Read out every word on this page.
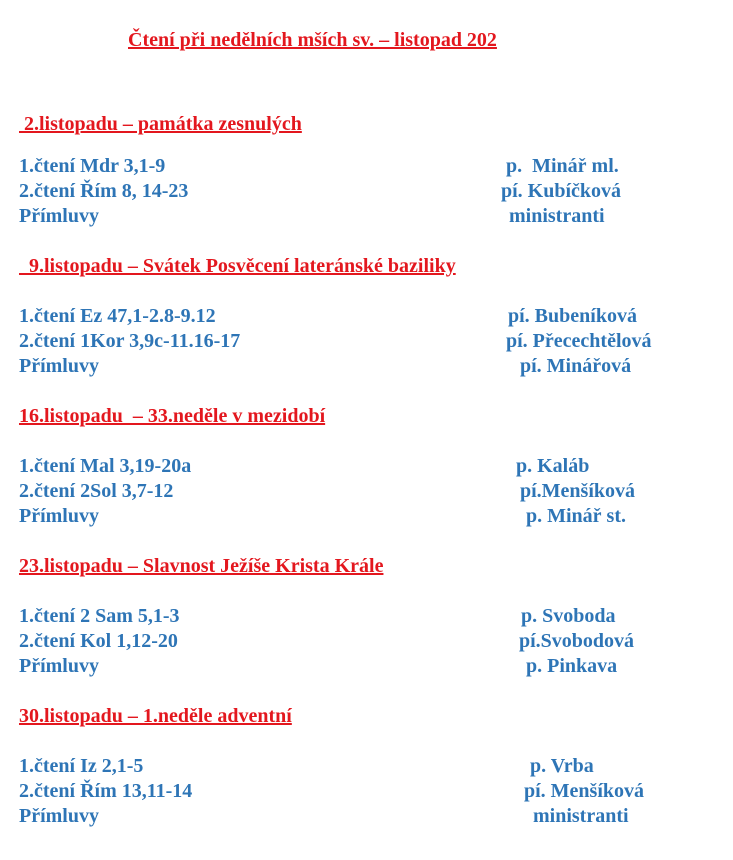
Čtení při nedělních mších sv. – listopad 202
2.listopadu – památka zesnulých
1.čtení Mdr 3,1-9	p.  Minář ml.
2.čtení Řím 8, 14-23	pí. Kubíčková
Přímluvy	ministranti
9.listopadu – Svátek Posvěcení lateránské baziliky
1.čtení Ez 47,1-2.8-9.12	pí. Bubeníková
2.čtení 1Kor 3,9c-11.16-17	pí. Přecechtělová
Přímluvy	pí. Minářová
16.listopadu  – 33.neděle v mezidobí
1.čtení Mal 3,19-20a	p. Kaláb
2.čtení 2Sol 3,7-12	pí.Menšíková
Přímluvy	p. Minář st.
23.listopadu – Slavnost Ježíše Krista Krále
1.čtení 2 Sam 5,1-3	p. Svoboda
2.čtení Kol 1,12-20	pí.Svobodová
Přímluvy	p. Pinkava
30.listopadu – 1.neděle adventní
1.čtení Iz 2,1-5	p. Vrba
2.čtení Řím 13,11-14	pí. Menšíková
Přímluvy	ministranti
